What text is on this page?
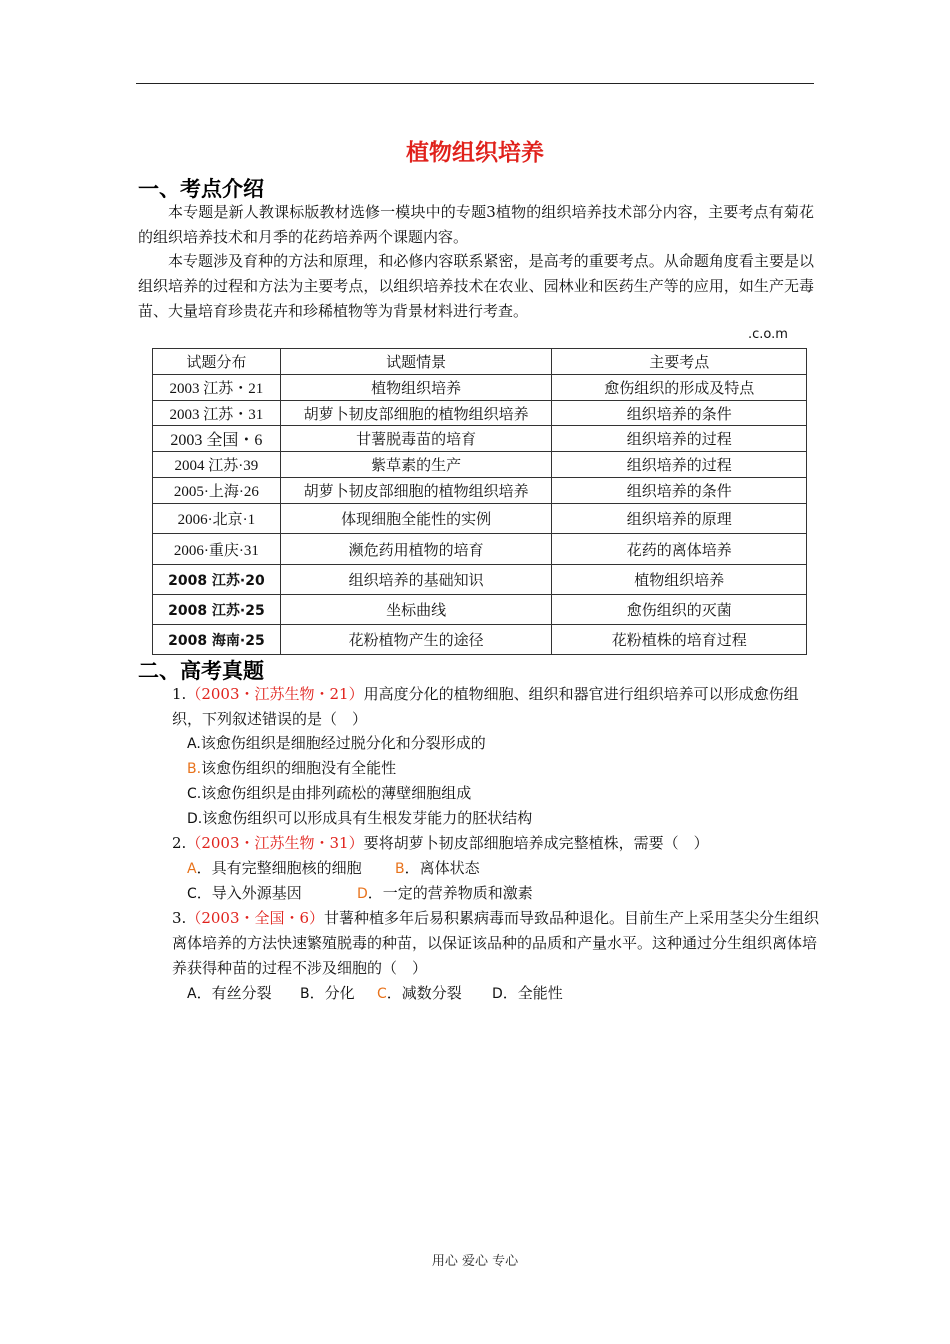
植物组织培养
一、考点介绍
本专题是新人教课标版教材选修一模块中的专题3植物的组织培养技术部分内容，主要考点有菊花的组织培养技术和月季的花药培养两个课题内容。
本专题涉及育种的方法和原理，和必修内容联系紧密，是高考的重要考点。从命题角度看主要是以组织培养的过程和方法为主要考点，以组织培养技术在农业、园林业和医药生产等的应用，如生产无毒苗、大量培育珍贵花卉和珍稀植物等为背景材料进行考查。
.c.o.m
试题分布	试题情景	主要考点
2003 江苏・21	植物组织培养	愈伤组织的形成及特点
2003 江苏・31	胡萝卜韧皮部细胞的植物组织培养	组织培养的条件
2003 全国・6	甘薯脱毒苗的培育	组织培养的过程
2004 江苏·39	紫草素的生产	组织培养的过程
2005·上海·26	胡萝卜韧皮部细胞的植物组织培养	组织培养的条件
2006·北京·1	体现细胞全能性的实例	组织培养的原理
2006·重庆·31	濒危药用植物的培育	花药的离体培养
2008 江苏·20	组织培养的基础知识	植物组织培养
2008 江苏·25	坐标曲线	愈伤组织的灭菌
2008 海南·25	花粉植物产生的途径	花粉植株的培育过程
二、高考真题
1.（2003・江苏生物・21）用高度分化的植物细胞、组织和器官进行组织培养可以形成愈伤组织，下列叙述错误的是（　）
A.该愈伤组织是细胞经过脱分化和分裂形成的
B.该愈伤组织的细胞没有全能性
C.该愈伤组织是由排列疏松的薄壁细胞组成
D.该愈伤组织可以形成具有生根发芽能力的胚状结构
2.（2003・江苏生物・31）要将胡萝卜韧皮部细胞培养成完整植株，需要（　）
A．具有完整细胞核的细胞 B．离体状态
C．导入外源基因	D．一定的营养物质和激素
3.（2003・全国・6）甘薯种植多年后易积累病毒而导致品种退化。目前生产上采用茎尖分生组织离体培养的方法快速繁殖脱毒的种苗，以保证该品种的品质和产量水平。这种通过分生组织离体培养获得种苗的过程不涉及细胞的（　）
A．有丝分裂 B．分化 C．减数分裂 D．全能性
用心 爱心 专心
